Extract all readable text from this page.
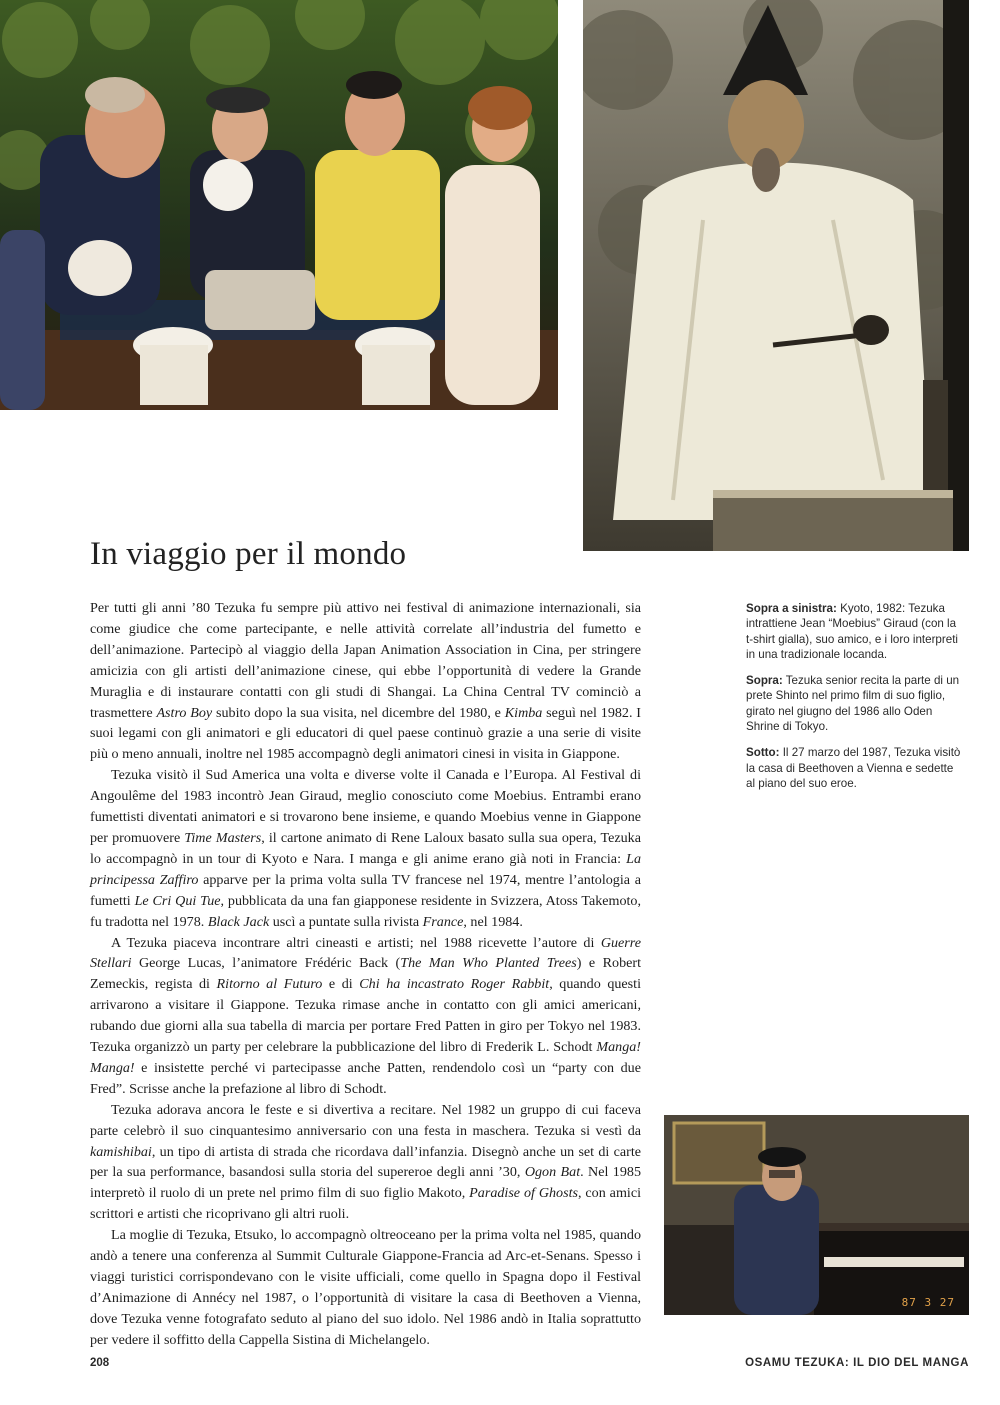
In viaggio per il mondo

Per tutti gli anni ’80 Tezuka fu sempre più attivo nei festival di animazione internazionali, sia come giudice che come partecipante, e nelle attività correlate all’industria del fumetto e dell’animazione. Partecipò al viaggio della Japan Animation Association in Cina, per stringere amicizia con gli artisti dell’animazione cinese, qui ebbe l’opportunità di vedere la Grande Muraglia e di instaurare contatti con gli studi di Shangai. La China Central TV cominciò a trasmettere Astro Boy subito dopo la sua visita, nel dicembre del 1980, e Kimba seguì nel 1982. I suoi legami con gli animatori e gli educatori di quel paese continuò grazie a una serie di visite più o meno annuali, inoltre nel 1985 accompagnò degli animatori cinesi in visita in Giappone.

Tezuka visitò il Sud America una volta e diverse volte il Canada e l’Europa. Al Festival di Angoulême del 1983 incontrò Jean Giraud, meglio conosciuto come Moebius. Entrambi erano fumettisti diventati animatori e si trovarono bene insieme, e quando Moebius venne in Giappone per promuovere Time Masters, il cartone animato di Rene Laloux basato sulla sua opera, Tezuka lo accompagnò in un tour di Kyoto e Nara. I manga e gli anime erano già noti in Francia: La principessa Zaffiro apparve per la prima volta sulla TV francese nel 1974, mentre l’antologia a fumetti Le Cri Qui Tue, pubblicata da una fan giapponese residente in Svizzera, Atoss Takemoto, fu tradotta nel 1978. Black Jack uscì a puntate sulla rivista France, nel 1984.

A Tezuka piaceva incontrare altri cineasti e artisti; nel 1988 ricevette l’autore di Guerre Stellari George Lucas, l’animatore Frédéric Back (The Man Who Planted Trees) e Robert Zemeckis, regista di Ritorno al Futuro e di Chi ha incastrato Roger Rabbit, quando questi arrivarono a visitare il Giappone. Tezuka rimase anche in contatto con gli amici americani, rubando due giorni alla sua tabella di marcia per portare Fred Patten in giro per Tokyo nel 1983. Tezuka organizzò un party per celebrare la pubblicazione del libro di Frederik L. Schodt Manga! Manga! e insistette perché vi partecipasse anche Patten, rendendolo così un “party con due Fred”. Scrisse anche la prefazione al libro di Schodt.

Tezuka adorava ancora le feste e si divertiva a recitare. Nel 1982 un gruppo di cui faceva parte celebrò il suo cinquantesimo anniversario con una festa in maschera. Tezuka si vestì da kamishibai, un tipo di artista di strada che ricordava dall’infanzia. Disegnò anche un set di carte per la sua performance, basandosi sulla storia del supereroe degli anni ’30, Ogon Bat. Nel 1985 interpretò il ruolo di un prete nel primo film di suo figlio Makoto, Paradise of Ghosts, con amici scrittori e artisti che ricoprivano gli altri ruoli.

La moglie di Tezuka, Etsuko, lo accompagnò oltreoceano per la prima volta nel 1985, quando andò a tenere una conferenza al Summit Culturale Giappone-Francia ad Arc-et-Senans. Spesso i viaggi turistici corrispondevano con le visite ufficiali, come quello in Spagna dopo il Festival d’Animazione di Annécy nel 1987, o l’opportunità di visitare la casa di Beethoven a Vienna, dove Tezuka venne fotografato seduto al piano del suo idolo. Nel 1986 andò in Italia soprattutto per vedere il soffitto della Cappella Sistina di Michelangelo.

Sopra a sinistra: Kyoto, 1982: Tezuka intrattiene Jean “Moebius” Giraud (con la t-shirt gialla), suo amico, e i loro interpreti in una tradizionale locanda.

Sopra: Tezuka senior recita la parte di un prete Shinto nel primo film di suo figlio, girato nel giugno del 1986 allo Oden Shrine di Tokyo.

Sotto: Il 27 marzo del 1987, Tezuka visitò la casa di Beethoven a Vienna e sedette al piano del suo eroe.

87 3 27
208	OSAMU TEZUKA: IL DIO DEL MANGA
